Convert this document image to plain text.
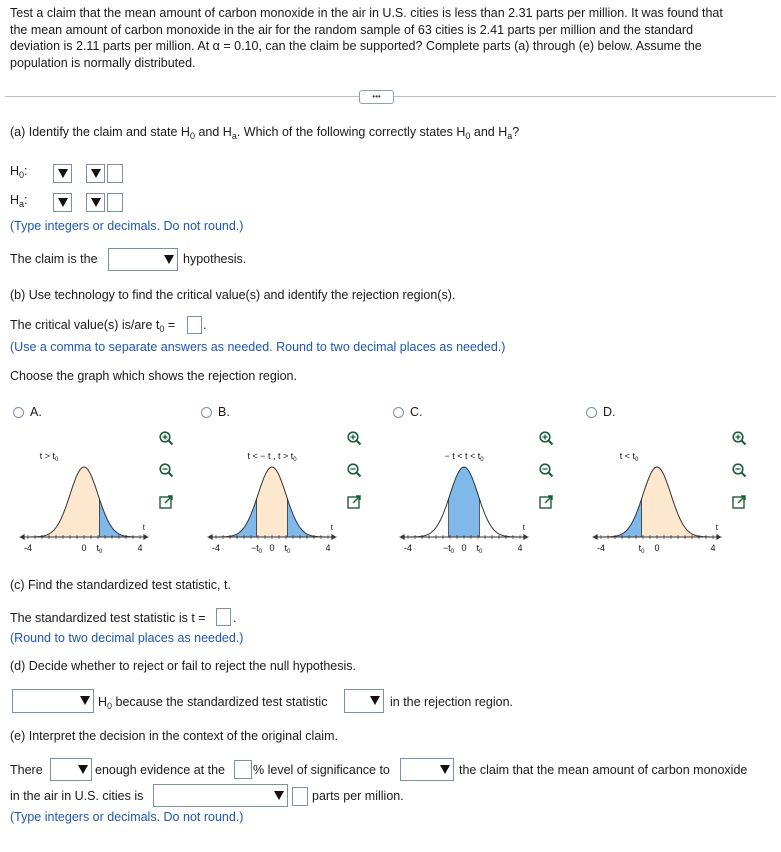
Test a claim that the mean amount of carbon monoxide in the air in U.S. cities is less than 2.31 parts per million. It was found that
the mean amount of carbon monoxide in the air for the random sample of 63 cities is 2.41 parts per million and the standard
deviation is 2.11 parts per million. At α = 0.10, can the claim be supported? Complete parts (a) through (e) below. Assume the
population is normally distributed.
•••
(a) Identify the claim and state $H_0$ and $H_a$. Which of the following correctly states $H_0$ and $H_a$?
$H_0$:
$H_a$:
(Type integers or decimals. Do not round.)
The claim is the	hypothesis.
(b) Use technology to find the critical value(s) and identify the rejection region(s).
The critical value(s) is/are $t_0$ = .
(Use a comma to separate answers as needed. Round to two decimal places as needed.)
Choose the graph which shows the rejection region.
A.
-4	0 $t_0$	4
t
$t > t_0$
B.
-4	$-t_0$ 0 $t_0$	4
t
t < − t , $t > t_0$
C.
-4	$-t_0$ 0 $t_0$	4
t
− $t < t < t_0$
D.
-4	$t_0$ 0	4
t
$t < t_0$
(c) Find the standardized test statistic, t.
The standardized test statistic is t = .
(Round to two decimal places as needed.)
(d) Decide whether to reject or fail to reject the null hypothesis.
$H_0$ because the standardized test statistic	in the rejection region.
(e) Interpret the decision in the context of the original claim.
There	enough evidence at the % level of significance to	the claim that the mean amount of carbon monoxide
in the air in U.S. cities is	parts per million.
(Type integers or decimals. Do not round.)
